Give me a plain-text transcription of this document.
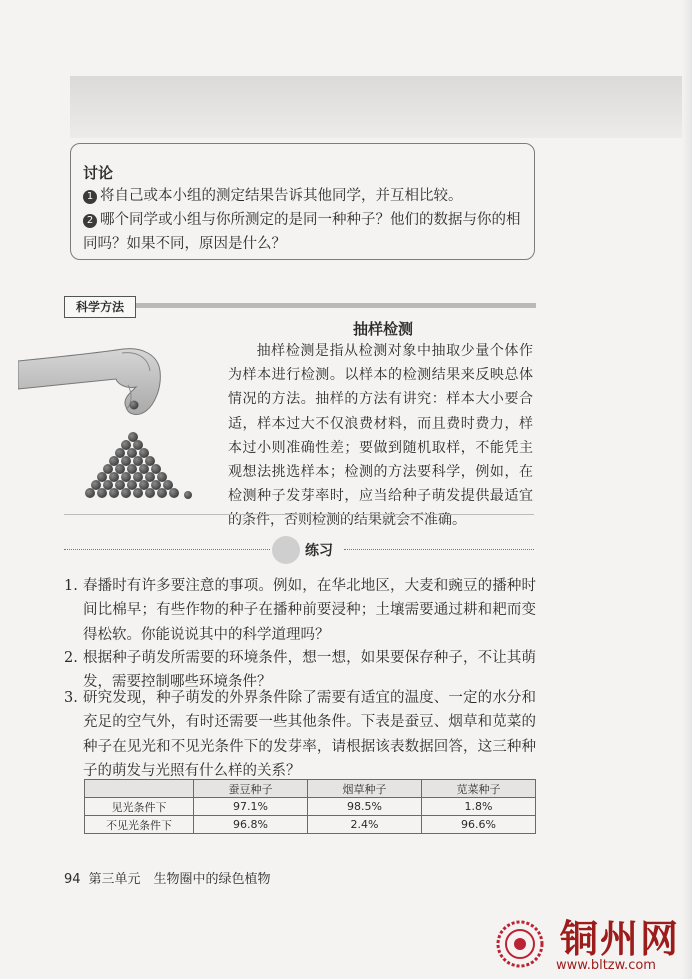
讨论
1 将自己或本小组的测定结果告诉其他同学，并互相比较。
2 哪个同学或小组与你所测定的是同一种种子？他们的数据与你的相同吗？如果不同，原因是什么？
科学方法
抽样检测
抽样检测是指从检测对象中抽取少量个体作为样本进行检测。以样本的检测结果来反映总体情况的方法。抽样的方法有讲究：样本大小要合适，样本过大不仅浪费材料，而且费时费力，样本过小则准确性差；要做到随机取样，不能凭主观想法挑选样本；检测的方法要科学，例如，在检测种子发芽率时，应当给种子萌发提供最适宜的条件，否则检测的结果就会不准确。
练习
1. 春播时有许多要注意的事项。例如，在华北地区，大麦和豌豆的播种时间比棉早；有些作物的种子在播种前要浸种；土壤需要通过耕和耙而变得松软。你能说说其中的科学道理吗？
2. 根据种子萌发所需要的环境条件，想一想，如果要保存种子，不让其萌发，需要控制哪些环境条件？
3. 研究发现，种子萌发的外界条件除了需要有适宜的温度、一定的水分和充足的空气外，有时还需要一些其他条件。下表是蚕豆、烟草和苋菜的种子在见光和不见光条件下的发芽率，请根据该表数据回答，这三种种子的萌发与光照有什么样的关系？
	蚕豆种子	烟草种子	苋菜种子
见光条件下	97.1%	98.5%	1.8%
不见光条件下	96.8%	2.4%	96.6%
94 第三单元　生物圈中的绿色植物
铜州网
www.bltzw.com
